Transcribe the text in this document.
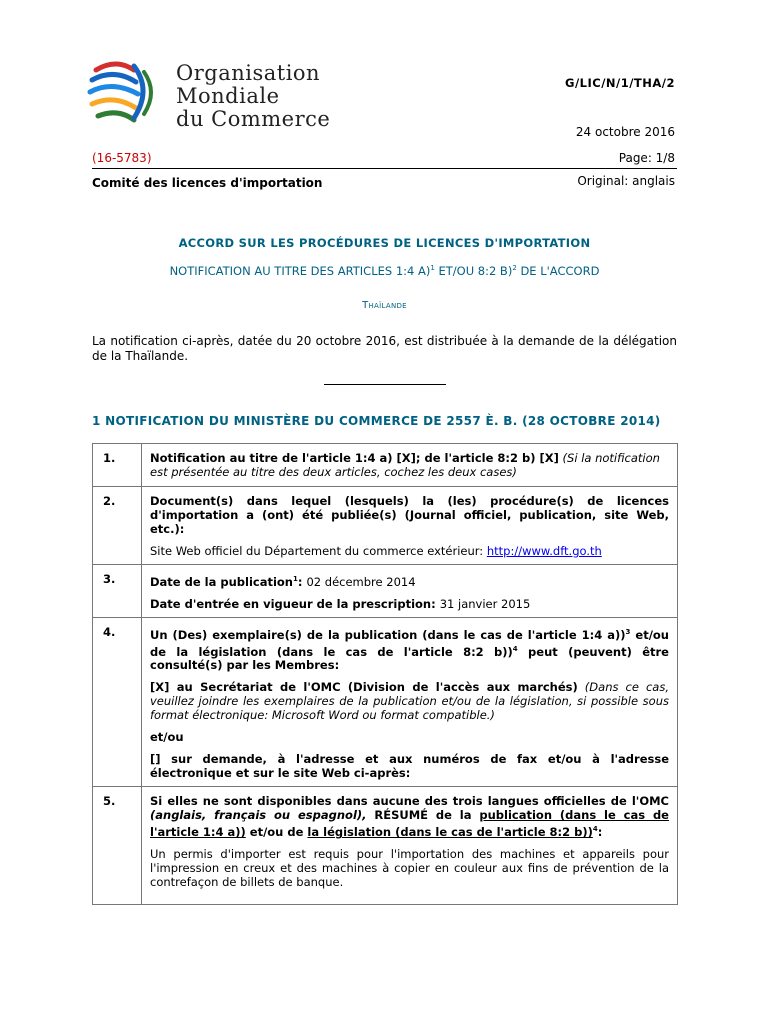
Organisation
Mondiale
du Commerce
G/LIC/N/1/THA/2
24 octobre 2016
(16-5783)	Page: 1/8
Comité des licences d'importation	Original: anglais
ACCORD SUR LES PROCÉDURES DE LICENCES D'IMPORTATION
NOTIFICATION AU TITRE DES ARTICLES 1:4 A)$^1$ ET/OU 8:2 B)$^2$ DE L'ACCORD
Thaïlande
La notification ci-après, datée du 20 octobre 2016, est distribuée à la demande de la délégation de la Thaïlande.
1 NOTIFICATION DU MINISTÈRE DU COMMERCE DE 2557 È. B. (28 OCTOBRE 2014)
1.	Notification au titre de l'article 1:4 a) [X]; de l'article 8:2 b) [X] (Si la notification est présentée au titre des deux articles, cochez les deux cases)
2.	Document(s) dans lequel (lesquels) la (les) procédure(s) de licences d'importation a (ont) été publiée(s) (Journal officiel, publication, site Web, etc.):
Site Web officiel du Département du commerce extérieur: http://www.dft.go.th

3.	Date de la publication$^1$: 02 décembre 2014
Date d'entrée en vigueur de la prescription: 31 janvier 2015

4.	Un (Des) exemplaire(s) de la publication (dans le cas de l'article 1:4 a))$^3$ et/ou de la législation (dans le cas de l'article 8:2 b))$^4$ peut (peuvent) être consulté(s) par les Membres:
[X] au Secrétariat de l'OMC (Division de l'accès aux marchés) (Dans ce cas, veuillez joindre les exemplaires de la publication et/ou de la législation, si possible sous format électronique: Microsoft Word ou format compatible.)
et/ou
[] sur demande, à l'adresse et aux numéros de fax et/ou à l'adresse électronique et sur le site Web ci-après:

5.	Si elles ne sont disponibles dans aucune des trois langues officielles de l'OMC (anglais, français ou espagnol), RÉSUMÉ de la publication (dans le cas de l'article 1:4 a)) et/ou de la législation (dans le cas de l'article 8:2 b))$^4$:
Un permis d'importer est requis pour l'importation des machines et appareils pour l'impression en creux et des machines à copier en couleur aux fins de prévention de la contrefaçon de billets de banque.
